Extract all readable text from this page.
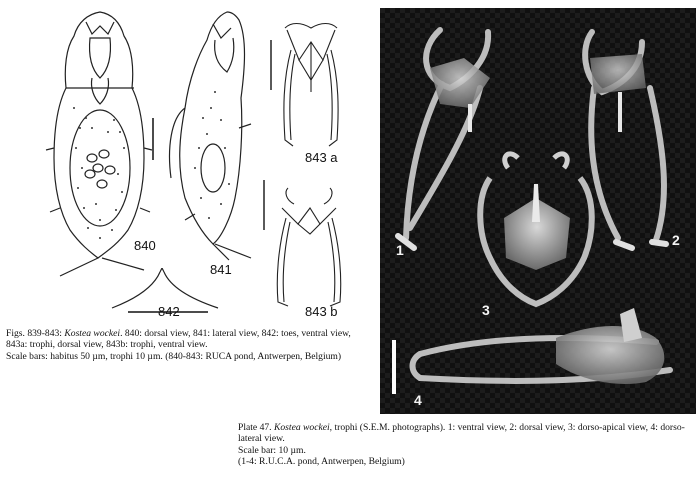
840
841
842
843 a
843 b
Figs. 839-843: Kostea wockei. 840: dorsal view, 841: lateral view, 842: toes, ventral view, 843a: trophi, dorsal view, 843b: trophi, ventral view.
Scale bars: habitus 50 µm, trophi 10 µm. (840-843: RUCA pond, Antwerpen, Belgium)
1
2
3
4
Plate 47. Kostea wockei, trophi (S.E.M. photographs). 1: ventral view, 2: dorsal view, 3: dorso-apical view, 4: dorso-lateral view.
Scale bar: 10 µm.
(1-4: R.U.C.A. pond, Antwerpen, Belgium)
